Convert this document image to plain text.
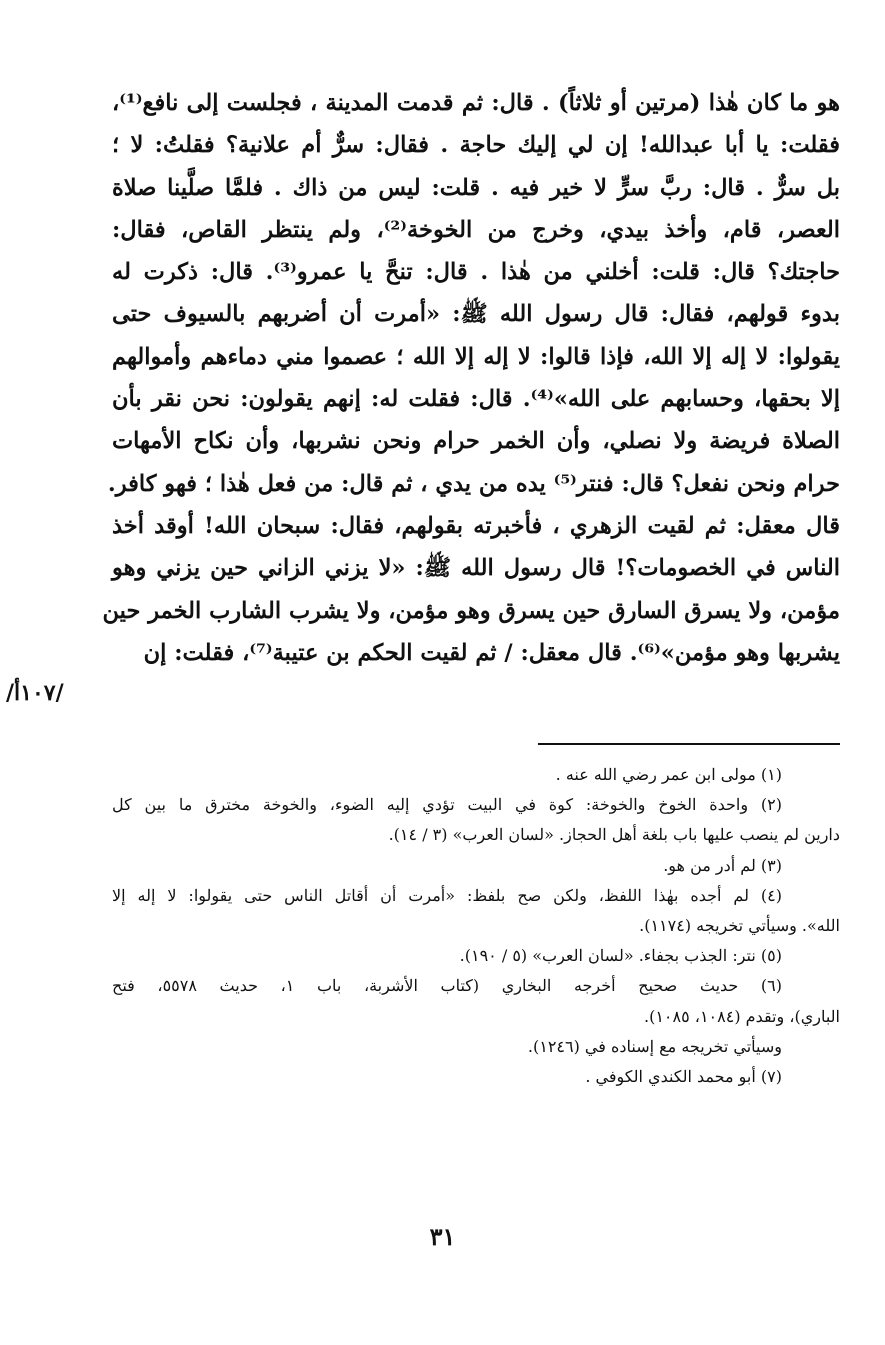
هو ما كان هٰذا (مرتين أو ثلاثاً) . قال: ثم قدمت المدينة ، فجلست إلى نافع⁽¹⁾،
فقلت: يا أبا عبدالله! إن لي إليك حاجة . فقال: سرٌّ أم علانية؟ فقلتُ: لا ؛
بل سرٌّ . قال: ربَّ سرٍّ لا خير فيه . قلت: ليس من ذاك . فلمَّا صلَّينا صلاة
العصر، قام، وأخذ بيدي، وخرج من الخوخة⁽²⁾، ولم ينتظر القاص، فقال:
حاجتك؟ قال: قلت: أخلني من هٰذا . قال: تنحَّ يا عمرو⁽³⁾. قال: ذكرت له
بدوء قولهم، فقال: قال رسول الله ﷺ: «أمرت أن أضربهم بالسيوف حتى
يقولوا: لا إله إلا الله، فإذا قالوا: لا إله إلا الله ؛ عصموا مني دماءهم وأموالهم
إلا بحقها، وحسابهم على الله»⁽⁴⁾. قال: فقلت له: إنهم يقولون: نحن نقر بأن
الصلاة فريضة ولا نصلي، وأن الخمر حرام ونحن نشربها، وأن نكاح الأمهات
حرام ونحن نفعل؟ قال: فنتر⁽⁵⁾ يده من يدي ، ثم قال: من فعل هٰذا ؛ فهو كافر.
قال معقل: ثم لقيت الزهري ، فأخبرته بقولهم، فقال: سبحان الله! أوقد أخذ
الناس في الخصومات؟! قال رسول الله ﷺ: «لا يزني الزاني حين يزني وهو
مؤمن، ولا يسرق السارق حين يسرق وهو مؤمن، ولا يشرب الشارب الخمر حين
يشربها وهو مؤمن»⁽⁶⁾. قال معقل: / ثم لقيت الحكم بن عتيبة⁽⁷⁾، فقلت: إن
/١٠٧أ/
(١) مولى ابن عمر رضي الله عنه .
(٢) واحدة الخوخ والخوخة: كوة في البيت تؤدي إليه الضوء، والخوخة مخترق ما بين كل
دارين لم ينصب عليها باب بلغة أهل الحجاز. «لسان العرب» (٣ / ١٤).
(٣) لم أدر من هو.
(٤) لم أجده بهٰذا اللفظ، ولكن صح بلفظ: «أمرت أن أقاتل الناس حتى يقولوا: لا إله إلا
الله». وسيأتي تخريجه (١١٧٤).
(٥) نتر: الجذب بجفاء. «لسان العرب» (٥ / ١٩٠).
(٦) حديث صحيح أخرجه البخاري (كتاب الأشربة، باب ١، حديث ٥٥٧٨، فتح
الباري)، وتقدم (١٠٨٤، ١٠٨٥).
وسيأتي تخريجه مع إسناده في (١٢٤٦).
(٧) أبو محمد الكندي الكوفي .
٣١
